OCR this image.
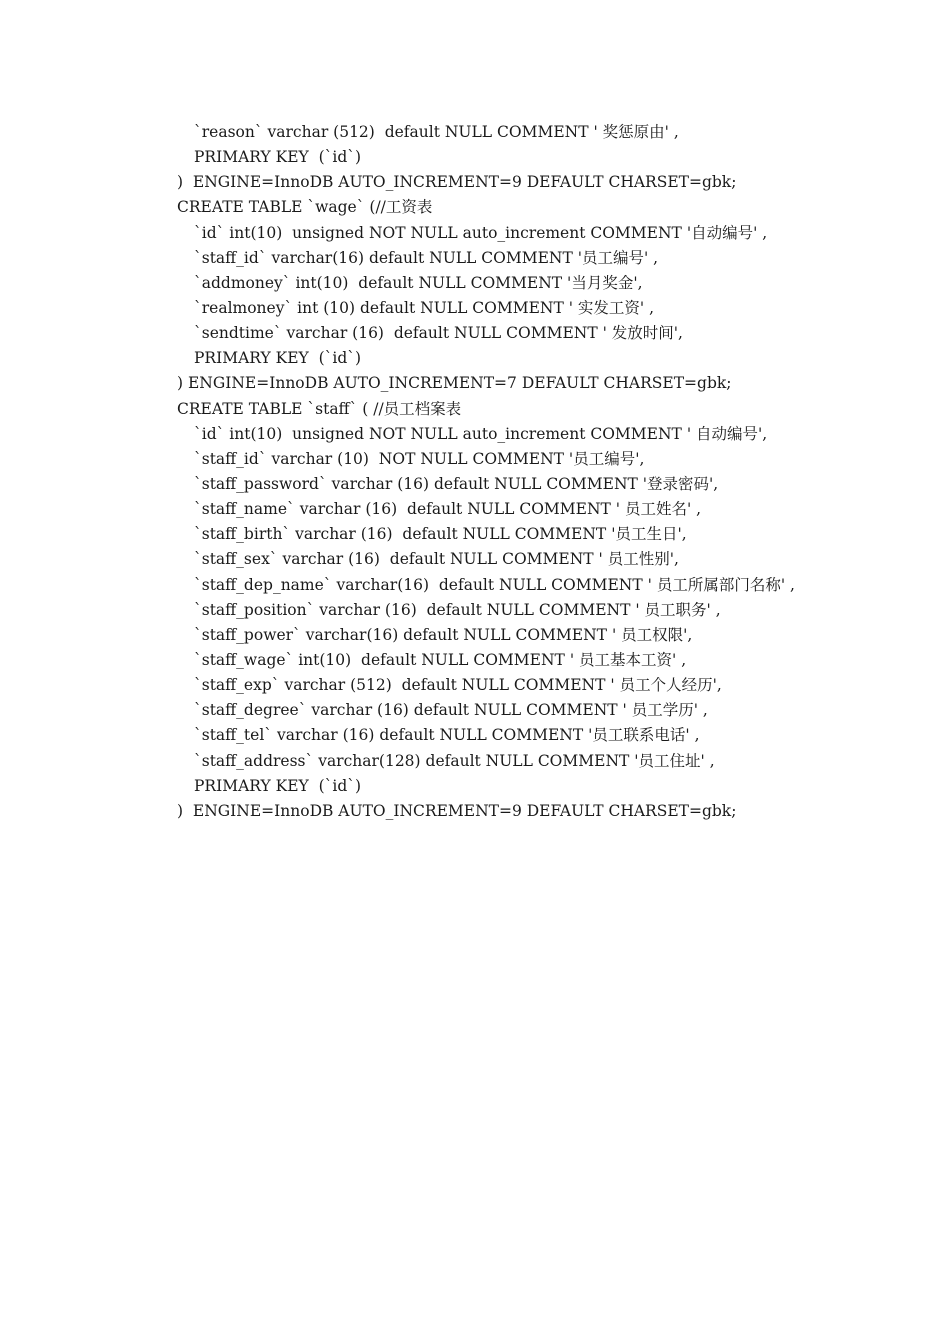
`reason` varchar (512)  default NULL COMMENT ' 奖惩原由' ,
PRIMARY KEY  (`id`)
)  ENGINE=InnoDB AUTO_INCREMENT=9 DEFAULT CHARSET=gbk;
CREATE TABLE `wage` (//工资表
`id` int(10)  unsigned NOT NULL auto_increment COMMENT '自动编号' ,
`staff_id` varchar(16) default NULL COMMENT '员工编号' ,
`addmoney` int(10)  default NULL COMMENT '当月奖金',
`realmoney` int (10) default NULL COMMENT ' 实发工资' ,
`sendtime` varchar (16)  default NULL COMMENT ' 发放时间',
PRIMARY KEY  (`id`)
) ENGINE=InnoDB AUTO_INCREMENT=7 DEFAULT CHARSET=gbk;
CREATE TABLE `staff` ( //员工档案表
`id` int(10)  unsigned NOT NULL auto_increment COMMENT ' 自动编号',
`staff_id` varchar (10)  NOT NULL COMMENT '员工编号',
`staff_password` varchar (16) default NULL COMMENT '登录密码',
`staff_name` varchar (16)  default NULL COMMENT ' 员工姓名' ,
`staff_birth` varchar (16)  default NULL COMMENT '员工生日',
`staff_sex` varchar (16)  default NULL COMMENT ' 员工性别',
`staff_dep_name` varchar(16)  default NULL COMMENT ' 员工所属部门名称' ,
`staff_position` varchar (16)  default NULL COMMENT ' 员工职务' ,
`staff_power` varchar(16) default NULL COMMENT ' 员工权限',
`staff_wage` int(10)  default NULL COMMENT ' 员工基本工资' ,
`staff_exp` varchar (512)  default NULL COMMENT ' 员工个人经历',
`staff_degree` varchar (16) default NULL COMMENT ' 员工学历' ,
`staff_tel` varchar (16) default NULL COMMENT '员工联系电话' ,
`staff_address` varchar(128) default NULL COMMENT '员工住址' ,
PRIMARY KEY  (`id`)
)  ENGINE=InnoDB AUTO_INCREMENT=9 DEFAULT CHARSET=gbk;
